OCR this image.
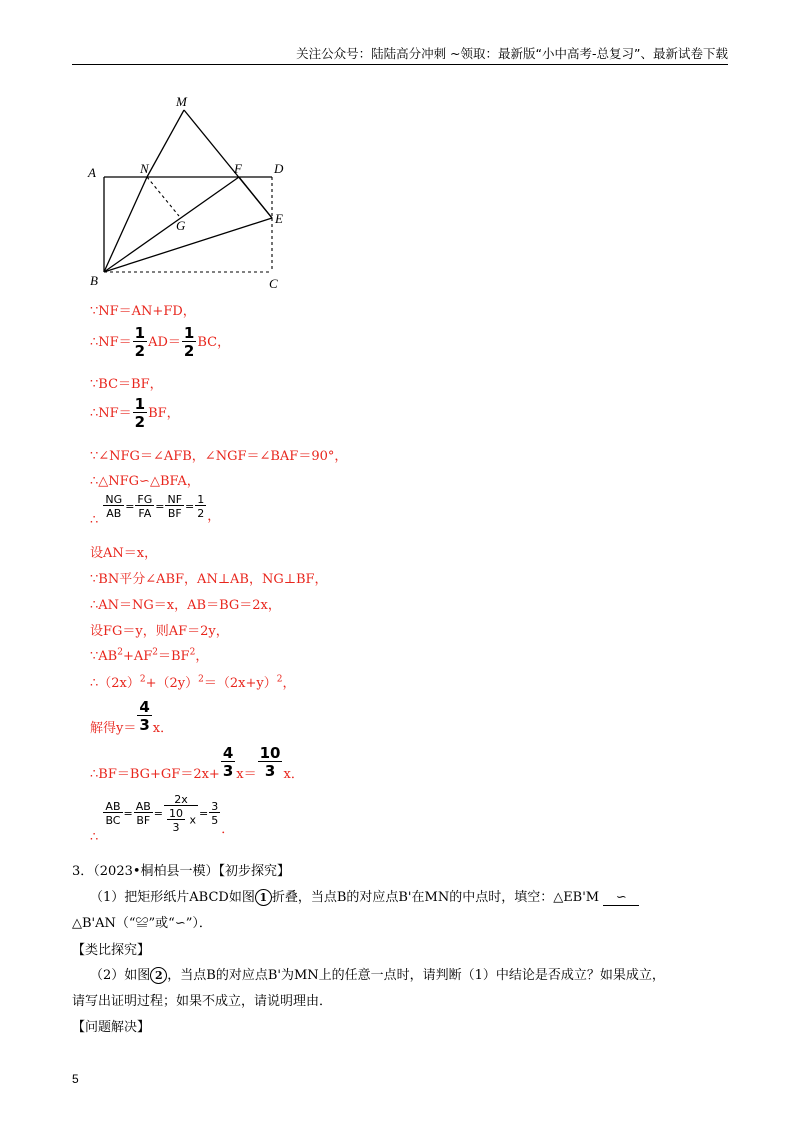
关注公众号：陆陆高分冲刺 ~领取：最新版“小中高考-总复习”、最新试卷下载
A	N	F D
M
G	E
B	C
∵NF＝AN+FD，
∴NF＝ $\frac{1}{2} AD= \frac{1}{2}$ BC，
∵BC＝BF，
∴NF＝ $\frac{1}{2}$ BF，
∵∠NFG＝∠AFB，∠NGF＝∠BAF＝90°，
∴△NFG∽△BFA，
∴
$\frac{NG}{AB} = \frac{FG}{FA} = \frac{NF}{BF} = \frac{1}{2}$ ，
设AN＝x，
∵BN平分∠ABF，AN⊥AB，NG⊥BF，
∴AN＝NG＝x，AB＝BG＝2x，
设FG＝y，则AF＝2y，
$\because AB^2+AF^2=BF^2$，
$\therefore(2x)^2+(2y)^2=(2x+y)^2$，
解得$y= \frac{4}{3}$ x．
∴BF＝BG+GF＝2x+ $\frac{4}{3} x= \frac{10}{3}$ x．
∴
$\frac{AB}{BC} = \frac{AB}{BF} = \frac{2x}{\frac{10}{3} x} = \frac{3}{5}$
．
3．（2023•桐柏县一模）【初步探究】
（1）把矩形纸片ABCD如图 1 折叠，当点B的对应点B'在MN的中点时，填空：△EB'M ∽
△B'AN（“≌”或“∽”）．
【类比探究】
（2）如图 2 ，当点B的对应点B'为MN上的任意一点时，请判断（1）中结论是否成立？如果成立，
请写出证明过程；如果不成立，请说明理由．
【问题解决】
5
